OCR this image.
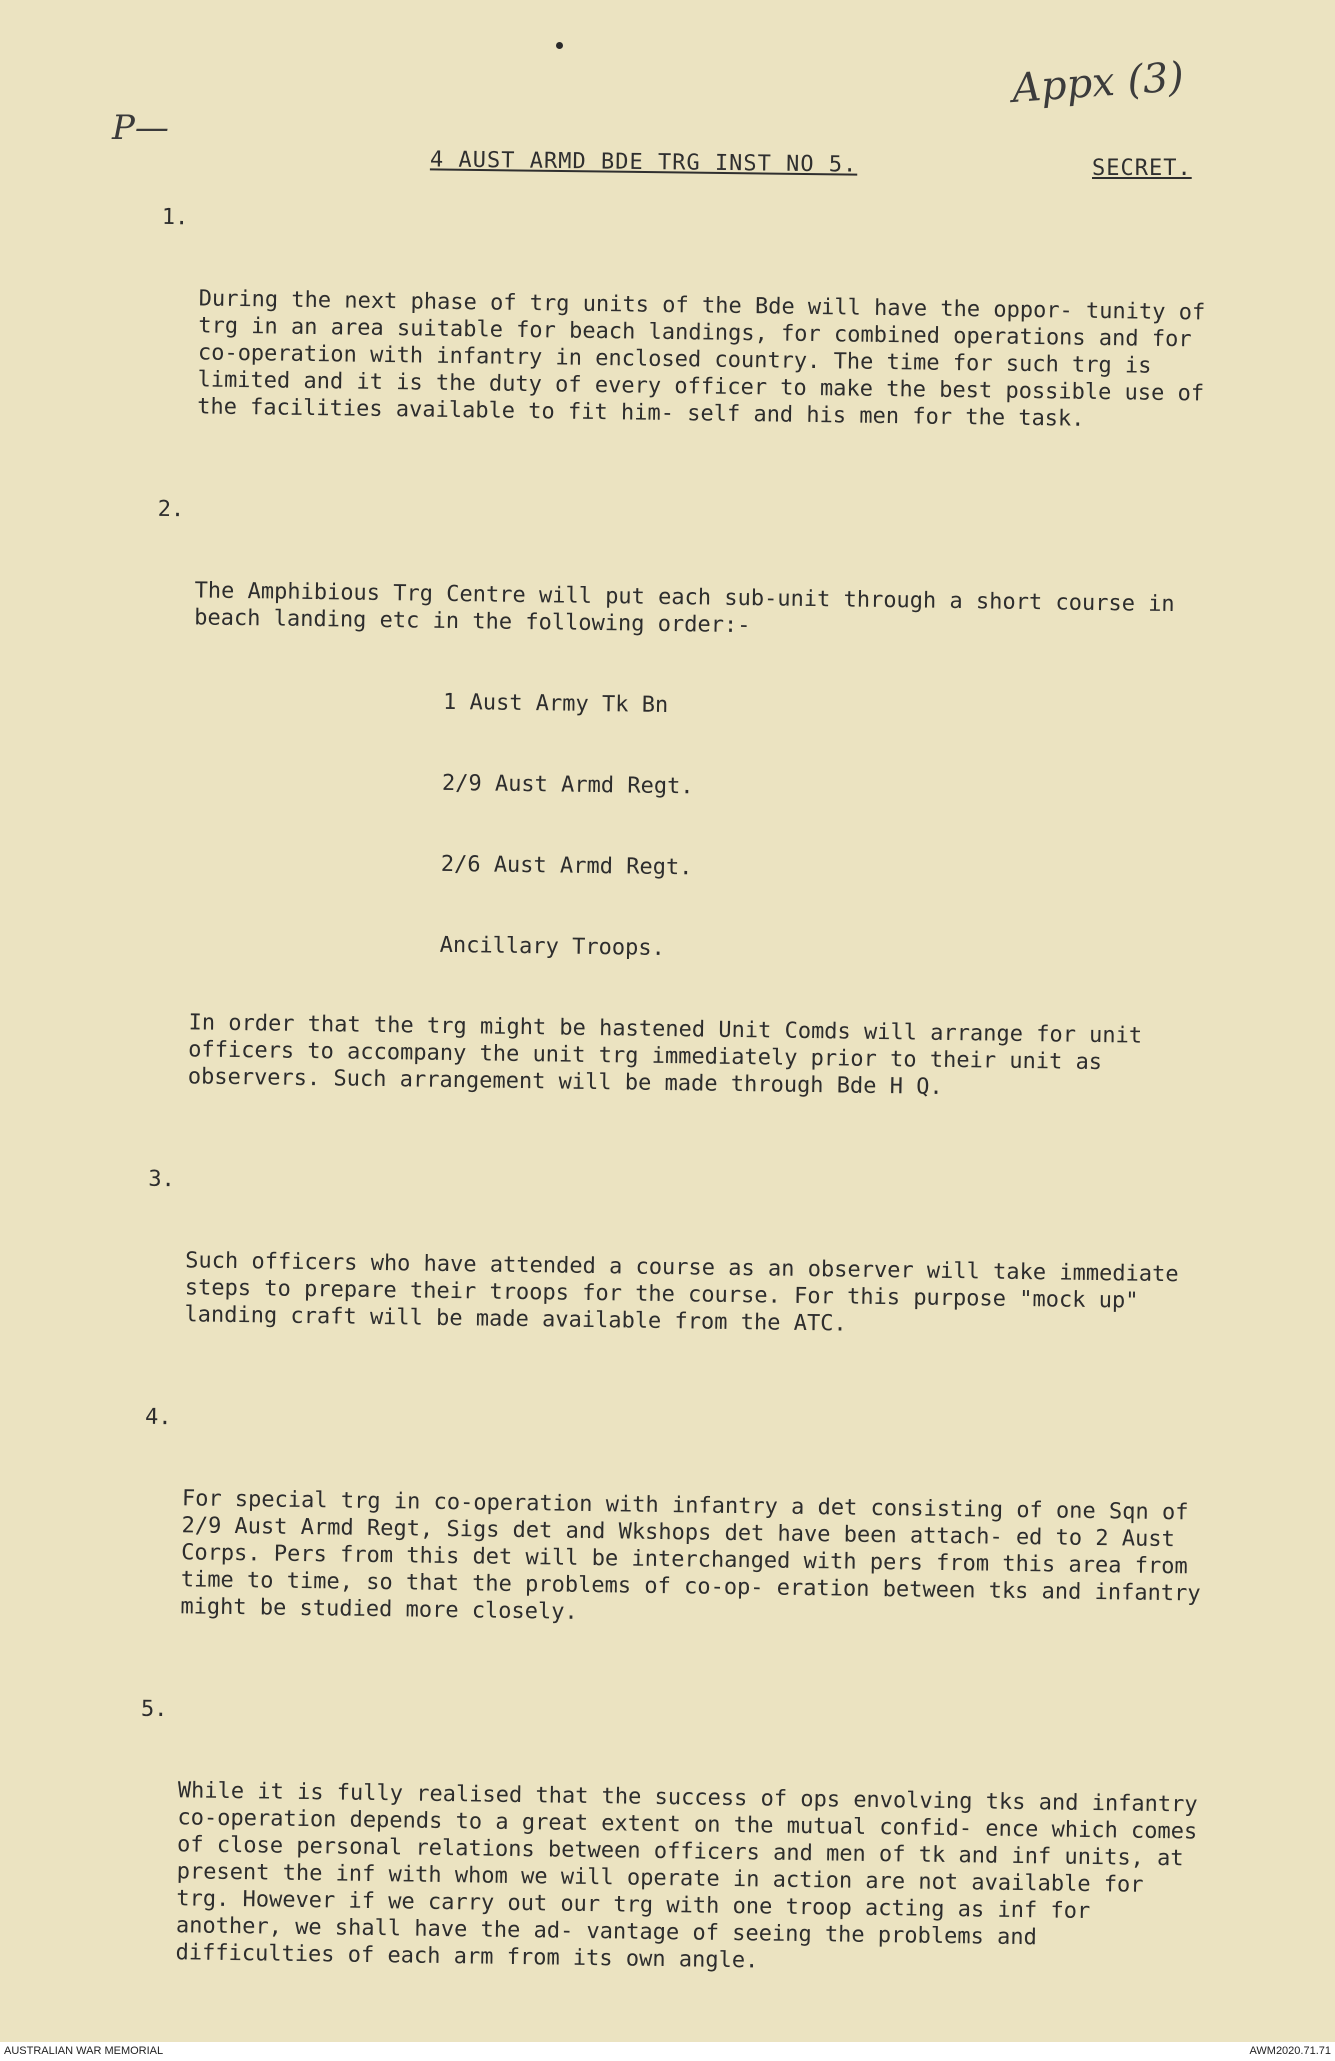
P—
Appx (3)
4 AUST ARMD BDE TRG INST NO 5.	SECRET.

1.

During the next phase of trg units of the Bde will have the oppor- tunity of trg in an area suitable for beach landings, for combined operations and for co-operation with infantry in enclosed country. The time for such trg is limited and it is the duty of every officer to make the best possible use of the facilities available to fit him- self and his men for the task.

2.

The Amphibious Trg Centre will put each sub-unit through a short course in beach landing etc in the following order:-

1 Aust Army Tk Bn

2/9 Aust Armd Regt.

2/6 Aust Armd Regt.

Ancillary Troops.

In order that the trg might be hastened Unit Comds will arrange for unit officers to accompany the unit trg immediately prior to their unit as observers. Such arrangement will be made through Bde H Q.

3.

Such officers who have attended a course as an observer will take immediate steps to prepare their troops for the course. For this purpose "mock up" landing craft will be made available from the ATC.

4.

For special trg in co-operation with infantry a det consisting of one Sqn of 2/9 Aust Armd Regt, Sigs det and Wkshops det have been attach- ed to 2 Aust Corps. Pers from this det will be interchanged with pers from this area from time to time, so that the problems of co-op- eration between tks and infantry might be studied more closely.

5.

While it is fully realised that the success of ops envolving tks and infantry co-operation depends to a great extent on the mutual confid- ence which comes of close personal relations between officers and men of tk and inf units, at present the inf with whom we will operate in action are not available for trg. However if we carry out our trg with one troop acting as inf for another, we shall have the ad- vantage of seeing the problems and difficulties of each arm from its own angle.

AUSTRALIAN WAR MEMORIAL	AWM2020.71.71
